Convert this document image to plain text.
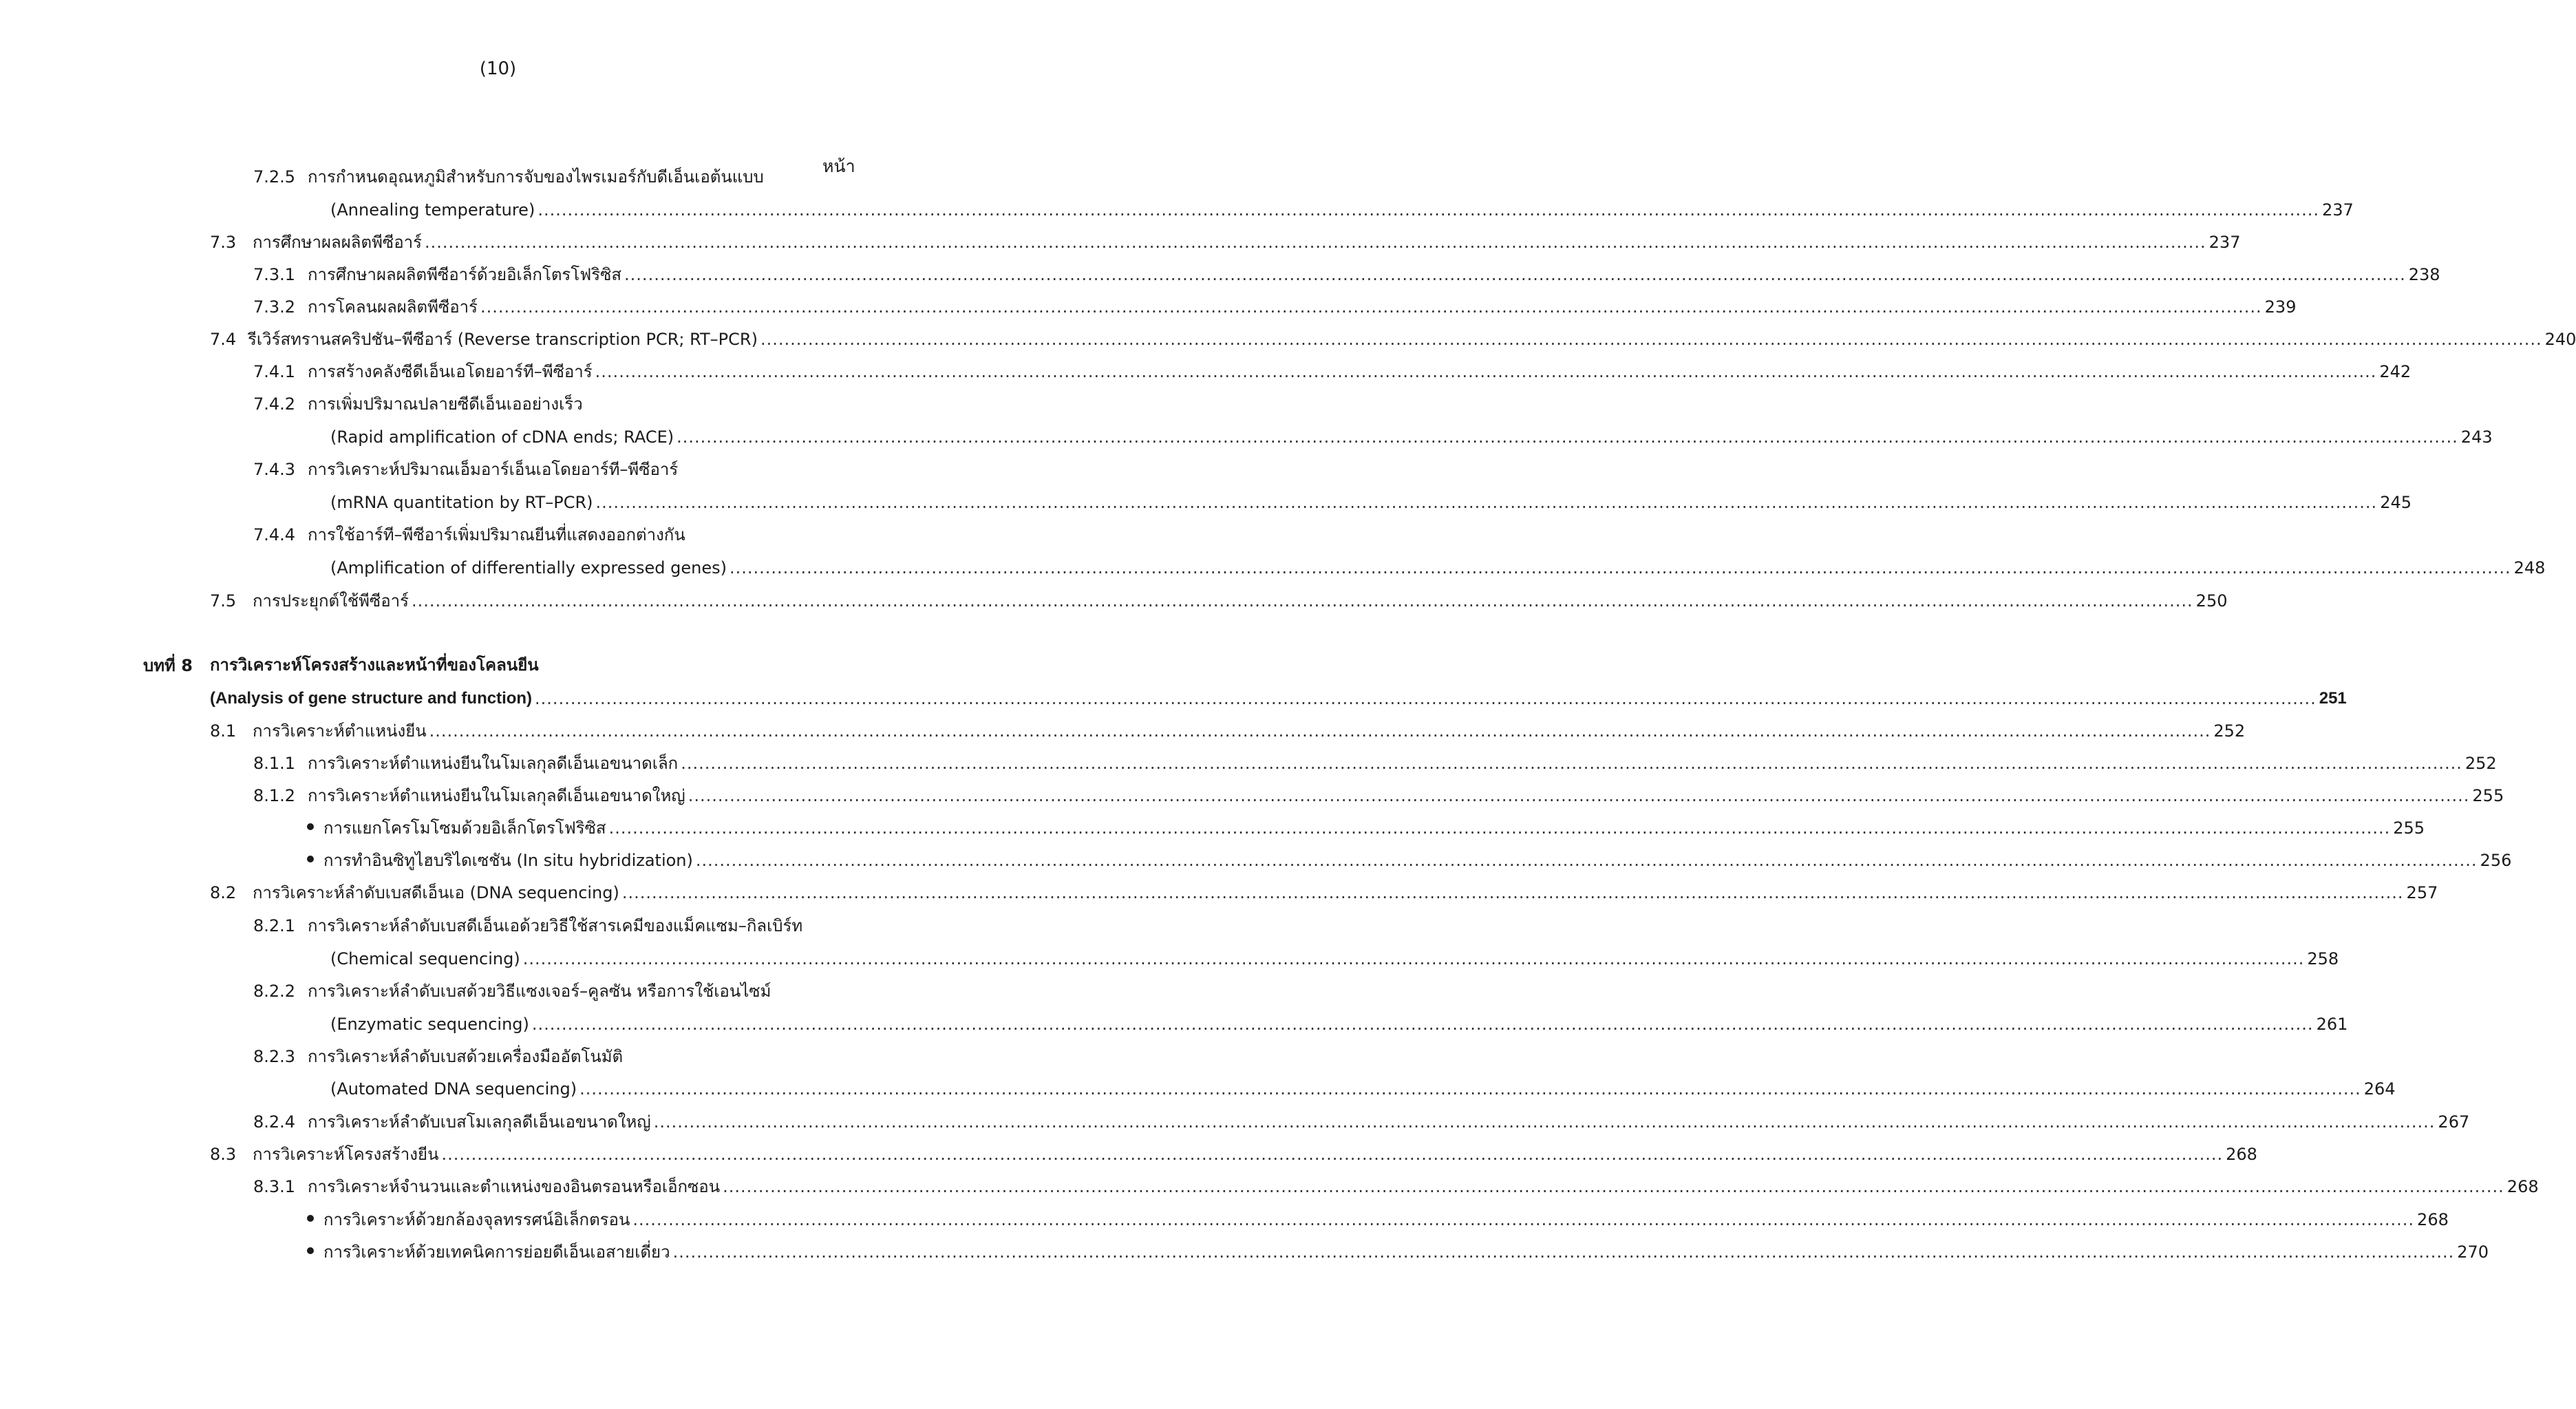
(10)
หน้า
7.2.5 การกำหนดอุณหภูมิสำหรับการจับของไพรเมอร์กับดีเอ็นเอต้นแบบ
(Annealing temperature) ............................................................................................................................................................................................................................................................................................................ 237
7.3 การศึกษาผลผลิตพีซีอาร์ ............................................................................................................................................................................................................................................................................................................ 237
7.3.1 การศึกษาผลผลิตพีซีอาร์ด้วยอิเล็กโตรโฟริซิส ............................................................................................................................................................................................................................................................................................................ 238
7.3.2 การโคลนผลผลิตพีซีอาร์ ............................................................................................................................................................................................................................................................................................................ 239
7.4 รีเวิร์สทรานสคริปชัน–พีซีอาร์ (Reverse transcription PCR; RT–PCR) ............................................................................................................................................................................................................................................................................................................ 240
7.4.1 การสร้างคลังซีดีเอ็นเอโดยอาร์ที–พีซีอาร์ ............................................................................................................................................................................................................................................................................................................ 242
7.4.2 การเพิ่มปริมาณปลายซีดีเอ็นเออย่างเร็ว
(Rapid amplification of cDNA ends; RACE) ............................................................................................................................................................................................................................................................................................................ 243
7.4.3 การวิเคราะห์ปริมาณเอ็มอาร์เอ็นเอโดยอาร์ที–พีซีอาร์
(mRNA quantitation by RT–PCR) ............................................................................................................................................................................................................................................................................................................ 245
7.4.4 การใช้อาร์ที–พีซีอาร์เพิ่มปริมาณยีนที่แสดงออกต่างกัน
(Amplification of differentially expressed genes) ............................................................................................................................................................................................................................................................................................................ 248
7.5 การประยุกต์ใช้พีซีอาร์ ............................................................................................................................................................................................................................................................................................................ 250
บทที่ 8 การวิเคราะห์โครงสร้างและหน้าที่ของโคลนยีน
(Analysis of gene structure and function) ............................................................................................................................................................................................................................................................................................................ 251
8.1 การวิเคราะห์ตำแหน่งยีน ............................................................................................................................................................................................................................................................................................................ 252
8.1.1 การวิเคราะห์ตำแหน่งยีนในโมเลกุลดีเอ็นเอขนาดเล็ก ............................................................................................................................................................................................................................................................................................................ 252
8.1.2 การวิเคราะห์ตำแหน่งยีนในโมเลกุลดีเอ็นเอขนาดใหญ่ ............................................................................................................................................................................................................................................................................................................ 255
การแยกโครโมโซมด้วยอิเล็กโตรโฟริซิส ............................................................................................................................................................................................................................................................................................................ 255
การทำอินซิทูไฮบริไดเซชัน (In situ hybridization) ............................................................................................................................................................................................................................................................................................................ 256
8.2 การวิเคราะห์ลำดับเบสดีเอ็นเอ (DNA sequencing) ............................................................................................................................................................................................................................................................................................................ 257
8.2.1 การวิเคราะห์ลำดับเบสดีเอ็นเอด้วยวิธีใช้สารเคมีของแม็คแซม–กิลเบิร์ท
(Chemical sequencing) ............................................................................................................................................................................................................................................................................................................ 258
8.2.2 การวิเคราะห์ลำดับเบสด้วยวิธีแซงเจอร์–คูลซัน หรือการใช้เอนไซม์
(Enzymatic sequencing) ............................................................................................................................................................................................................................................................................................................ 261
8.2.3 การวิเคราะห์ลำดับเบสด้วยเครื่องมืออัตโนมัติ
(Automated DNA sequencing) ............................................................................................................................................................................................................................................................................................................ 264
8.2.4 การวิเคราะห์ลำดับเบสโมเลกุลดีเอ็นเอขนาดใหญ่ ............................................................................................................................................................................................................................................................................................................ 267
8.3 การวิเคราะห์โครงสร้างยีน ............................................................................................................................................................................................................................................................................................................ 268
8.3.1 การวิเคราะห์จำนวนและตำแหน่งของอินตรอนหรือเอ็กซอน ............................................................................................................................................................................................................................................................................................................ 268
การวิเคราะห์ด้วยกล้องจุลทรรศน์อิเล็กตรอน ............................................................................................................................................................................................................................................................................................................ 268
การวิเคราะห์ด้วยเทคนิคการย่อยดีเอ็นเอสายเดี่ยว ............................................................................................................................................................................................................................................................................................................ 270
